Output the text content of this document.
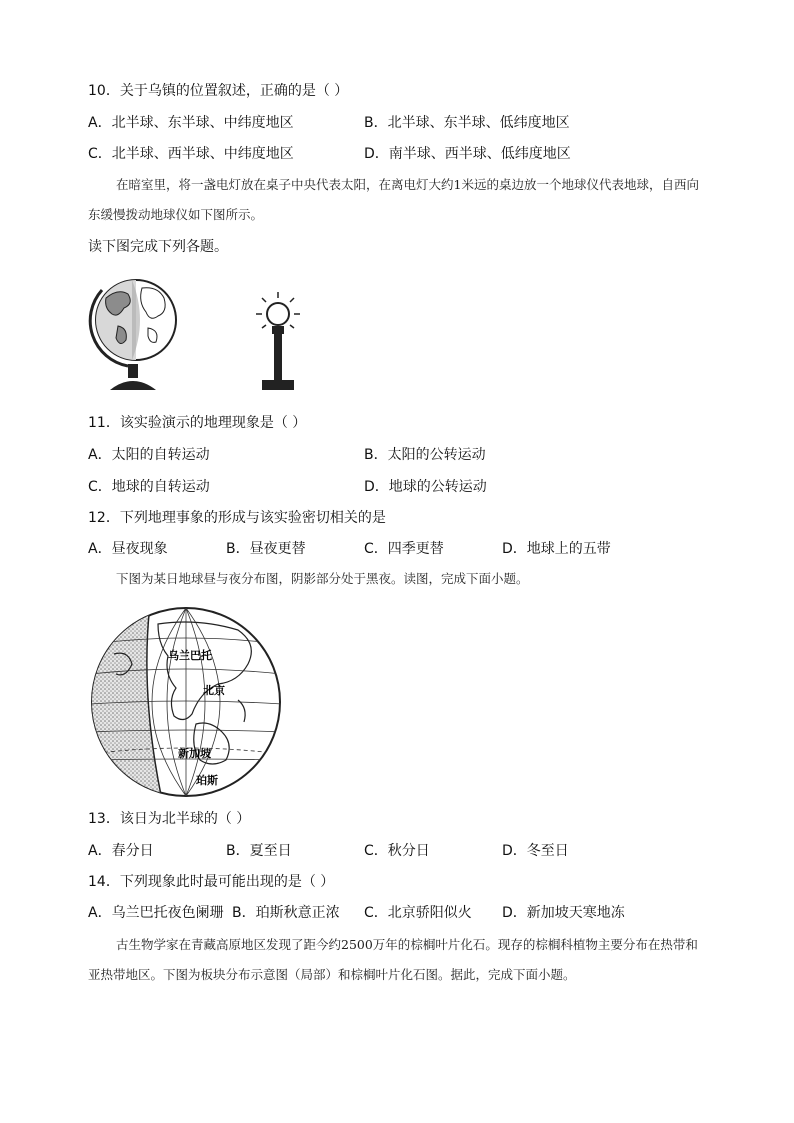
10．关于乌镇的位置叙述，正确的是（ ）
A．北半球、东半球、中纬度地区	B．北半球、东半球、低纬度地区
C．北半球、西半球、中纬度地区	D．南半球、西半球、低纬度地区
在暗室里，将一盏电灯放在桌子中央代表太阳，在离电灯大约1米远的桌边放一个地球仪代表地球，自西向东缓慢拨动地球仪如下图所示。
读下图完成下列各题。
11．该实验演示的地理现象是（ ）
A．太阳的自转运动	B．太阳的公转运动
C．地球的自转运动	D．地球的公转运动
12．下列地理事象的形成与该实验密切相关的是
A．昼夜现象	B．昼夜更替	C．四季更替	D．地球上的五带
下图为某日地球昼与夜分布图，阴影部分处于黑夜。读图，完成下面小题。
乌兰巴托
北京
新加坡
珀斯
13．该日为北半球的（ ）
A．春分日	B．夏至日	C．秋分日	D．冬至日
14．下列现象此时最可能出现的是（ ）
A．乌兰巴托夜色阑珊 B．珀斯秋意正浓 C．北京骄阳似火 D．新加坡天寒地冻
古生物学家在青藏高原地区发现了距今约2500万年的棕榈叶片化石。现存的棕榈科植物主要分布在热带和亚热带地区。下图为板块分布示意图（局部）和棕榈叶片化石图。据此，完成下面小题。
